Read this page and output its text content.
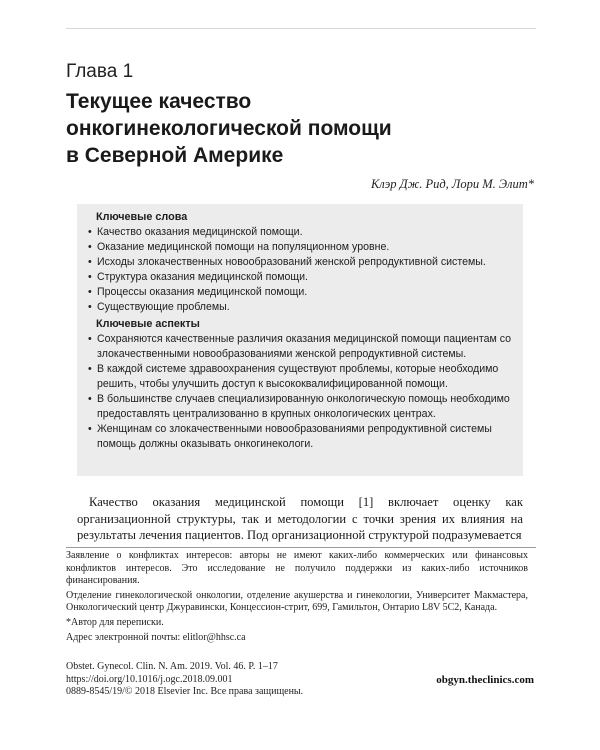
Глава 1
Текущее качество
онкогинекологической помощи
в Северной Америке
Клэр Дж. Рид, Лори М. Элит*
Ключевые слова
• Качество оказания медицинской помощи.
• Оказание медицинской помощи на популяционном уровне.
• Исходы злокачественных новообразований женской репродуктивной системы.
• Структура оказания медицинской помощи.
• Процессы оказания медицинской помощи.
• Существующие проблемы.
Ключевые аспекты
• Сохраняются качественные различия оказания медицинской помощи пациентам со злокачественными новообразованиями женской репродуктивной системы.
• В каждой системе здравоохранения существуют проблемы, которые необходимо решить, чтобы улучшить доступ к высококвалифицированной помощи.
• В большинстве случаев специализированную онкологическую помощь необходимо предоставлять централизованно в крупных онкологических центрах.
• Женщинам со злокачественными новообразованиями репродуктивной системы помощь должны оказывать онкогинекологи.
Качество оказания медицинской помощи [1] включает оценку как организационной структуры, так и методологии с точки зрения их влияния на результаты лечения пациентов. Под организационной структурой подразумевается

Заявление о конфликтах интересов: авторы не имеют каких-либо коммерческих или финансовых конфликтов интересов. Это исследование не получило поддержки из каких-либо источников финансирования.

Отделение гинекологической онкологии, отделение акушерства и гинекологии, Университет Макмастера, Онкологический центр Джуравински, Концессион-стрит, 699, Гамильтон, Онтарио L8V 5C2, Канада.

*Автор для переписки.

Адрес электронной почты: elitlor@hhsc.ca

Obstet. Gynecol. Clin. N. Am. 2019. Vol. 46. P. 1–17
https://doi.org/10.1016/j.ogc.2018.09.001
0889-8545/19/© 2018 Elsevier Inc. Все права защищены.
obgyn.theclinics.com
